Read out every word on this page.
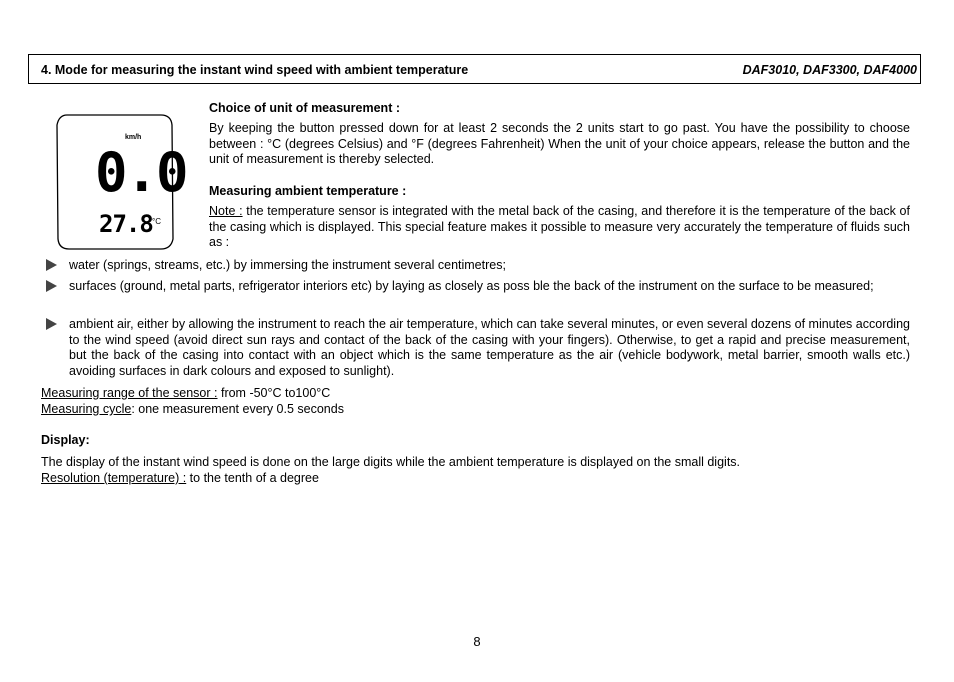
4. Mode for measuring the instant wind speed with ambient temperature	DAF3010, DAF3300, DAF4000
km/h
0.0
27.8 °C
Choice of unit of measurement :

By keeping the button pressed down for at least 2 seconds the 2 units start to go past. You have the possibility to choose between : °C (degrees Celsius) and °F (degrees Fahrenheit) When the unit of your choice appears, release the button and the unit of measurement is thereby selected.

Measuring ambient temperature :

Note : the temperature sensor is integrated with the metal back of the casing, and therefore it is the temperature of the back of the casing which is displayed. This special feature makes it possible to measure very accurately the temperature of fluids such as :

water (springs, streams, etc.) by immersing the instrument several centimetres;
surfaces (ground, metal parts, refrigerator interiors etc) by laying as closely as poss ble the back of the instrument on the surface to be measured;
ambient air, either by allowing the instrument to reach the air temperature, which can take several minutes, or even several dozens of minutes according to the wind speed (avoid direct sun rays and contact of the back of the casing with your fingers). Otherwise, to get a rapid and precise measurement, but the back of the casing into contact with an object which is the same temperature as the air (vehicle bodywork, metal barrier, smooth walls etc.) avoiding surfaces in dark colours and exposed to sunlight).
Measuring range of the sensor : from -50°C to100°C
Measuring cycle: one measurement every 0.5 seconds
Display:
The display of the instant wind speed is done on the large digits while the ambient temperature is displayed on the small digits.
Resolution (temperature) : to the tenth of a degree
8
